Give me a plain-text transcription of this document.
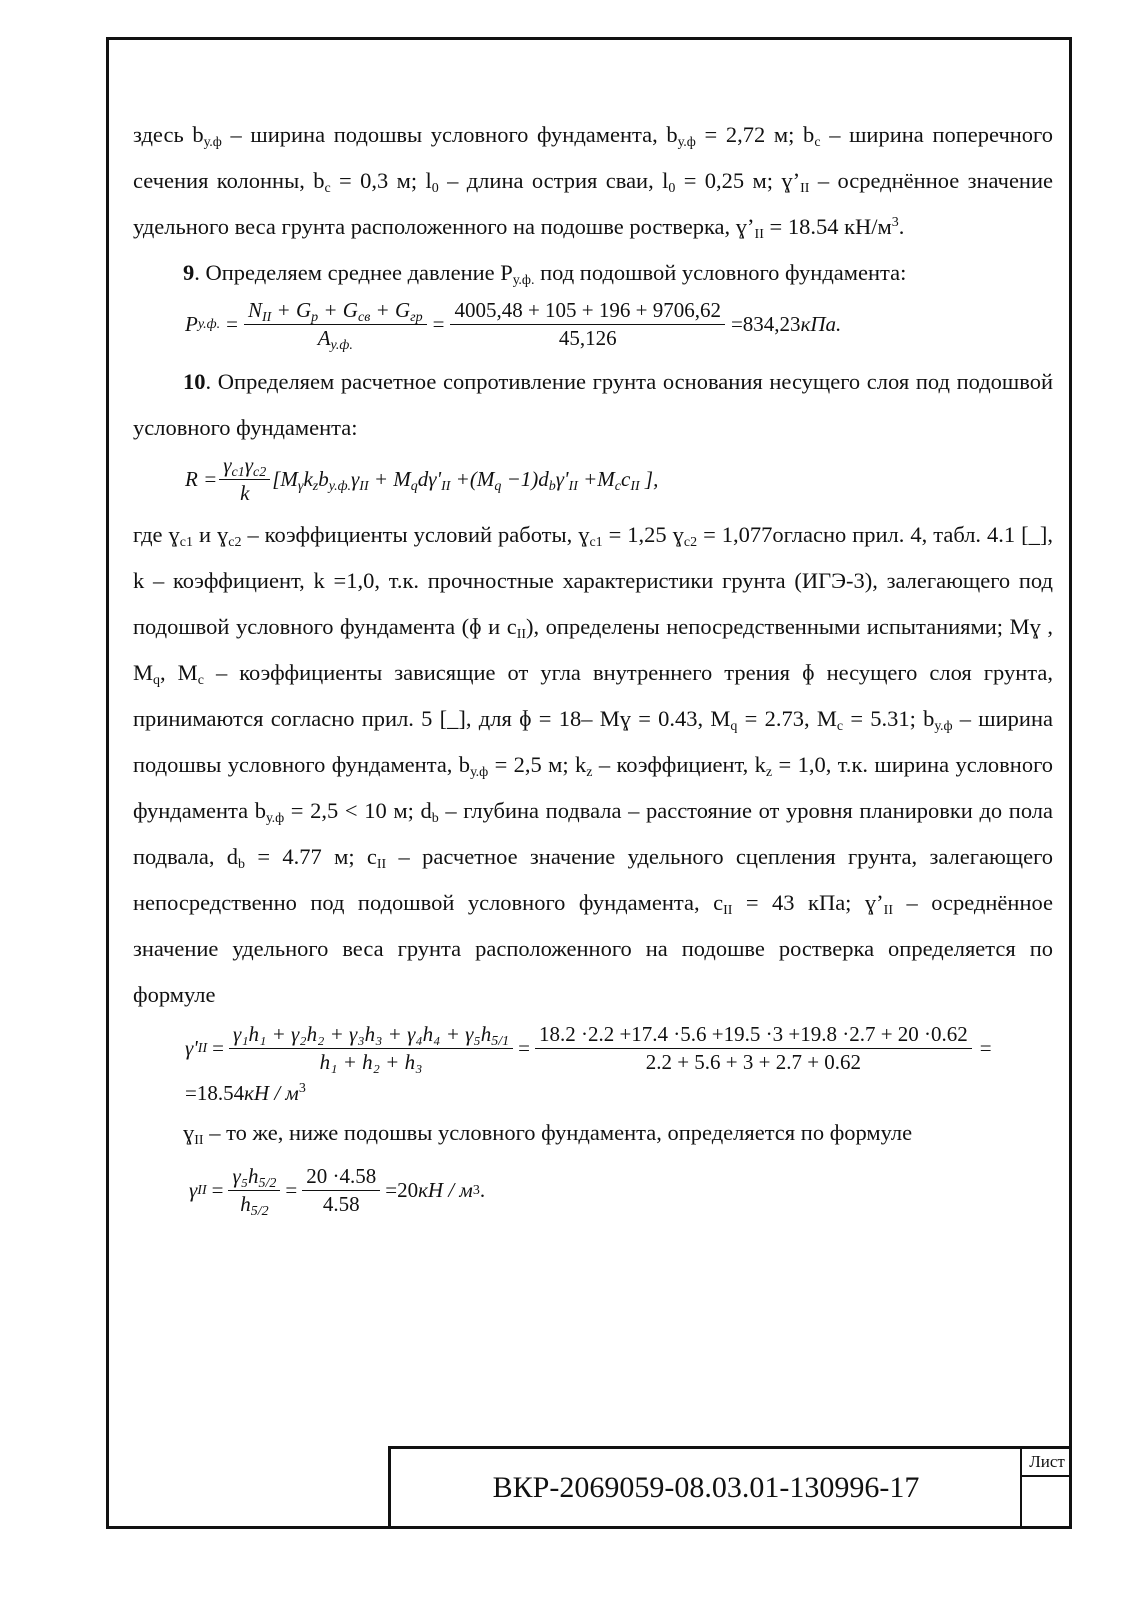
здесь $b_{у.ф}$ – ширина подошвы условного фундамента, $b_{у.ф} = 2,72$ м; $b_c$ – ширина поперечного сечения колонны, $b_c = 0,3$ м; $l_0$ – длина острия сваи, $l_0 = 0,25$ м; $ɣ’_{II}$ – осреднённое значение удельного веса грунта расположенного на подошве ростверка, $ɣ’_{II} = 18.54$ $кН/м^3$.

9. Определяем среднее давление $P_{у.ф.}$ под подошвой условного фундамента:

P у.ф. = $\frac{N_{II} + G_p + G_{св} + G_{гр}}{A_{у.ф.}} = \frac{4005,48 + 105 + 196 + 9706,62}{45,126} =834,23$ кПа.

10. Определяем расчетное сопротивление грунта основания несущего слоя под подошвой условного фундамента:

$R = \frac{\gamma_{c1}\gamma_{c2}}{k} [M_\gamma k_zb_{у.ф.}\gamma_{II} + M_qd\gamma'_{II} +(M_q -1)d_b\gamma'_{II} +M_cc_{II}$ ],

где ɣ$_{c1}$ и ɣ$_{c2}$ – коэффициенты условий работы, ɣ$_{c1}$ = 1,25 ɣ$_{c2}$ = 1,077огласно прил. 4, табл. 4.1 [_], k – коэффициент, k =1,0, т.к. прочностные характеристики грунта (ИГЭ-3), залегающего под подошвой условного фундамента (ɸ и $c_{II}$), определены непосредственными испытаниями; Mɣ , $M_q$, $M_c$ – коэффициенты зависящие от угла внутреннего трения ɸ несущего слоя грунта, принимаются согласно прил. 5 [_], для ɸ = 18– Mɣ = 0.43, $M_q = 2.73$, $M_c = 5.31$; $b_{у.ф}$ – ширина подошвы условного фундамента, $b_{у.ф} = 2,5$ м; $k_z$ – коэффициент, $k_z = 1,0$, т.к. ширина условного фундамента $b_{у.ф} = 2,5 < 10$ м; $d_b$ – глубина подвала – расстояние от уровня планировки до пола подвала, $d_b = 4.77$ м; $c_{II}$ – расчетное значение удельного сцепления грунта, залегающего непосредственно под подошвой условного фундамента, $c_{II} = 43$ кПа; $ɣ’_{II}$ – осреднённое значение удельного веса грунта расположенного на подошве ростверка определяется по формуле

γ' II = $\frac{\gamma_1h_1 + \gamma_2h_2 + \gamma_3h_3 + \gamma_4h_4 + \gamma_5h_{5/1}}{\text{h₁ + h₂ + h₃}} = \frac{18.2 \cdot 2.2 +17.4 \cdot 5.6 +19.5 \cdot 3 +19.8 \cdot 2.7 + 20 \cdot 0.62}{2.2 + 5.6 + 3 + 2.7 + 0.62}$ =
$=18.54кН / м^3$

ɣ$_{II}$ – то же, ниже подошвы условного фундамента, определяется по формуле

γ II = $\frac{\gamma_5h_{5/2}}{h_{5/2}} = \frac{20 \cdot 4.58}{4.58} =20$ кН / м 3 .
ВКР-2069059-08.03.01-130996-17
Лист
